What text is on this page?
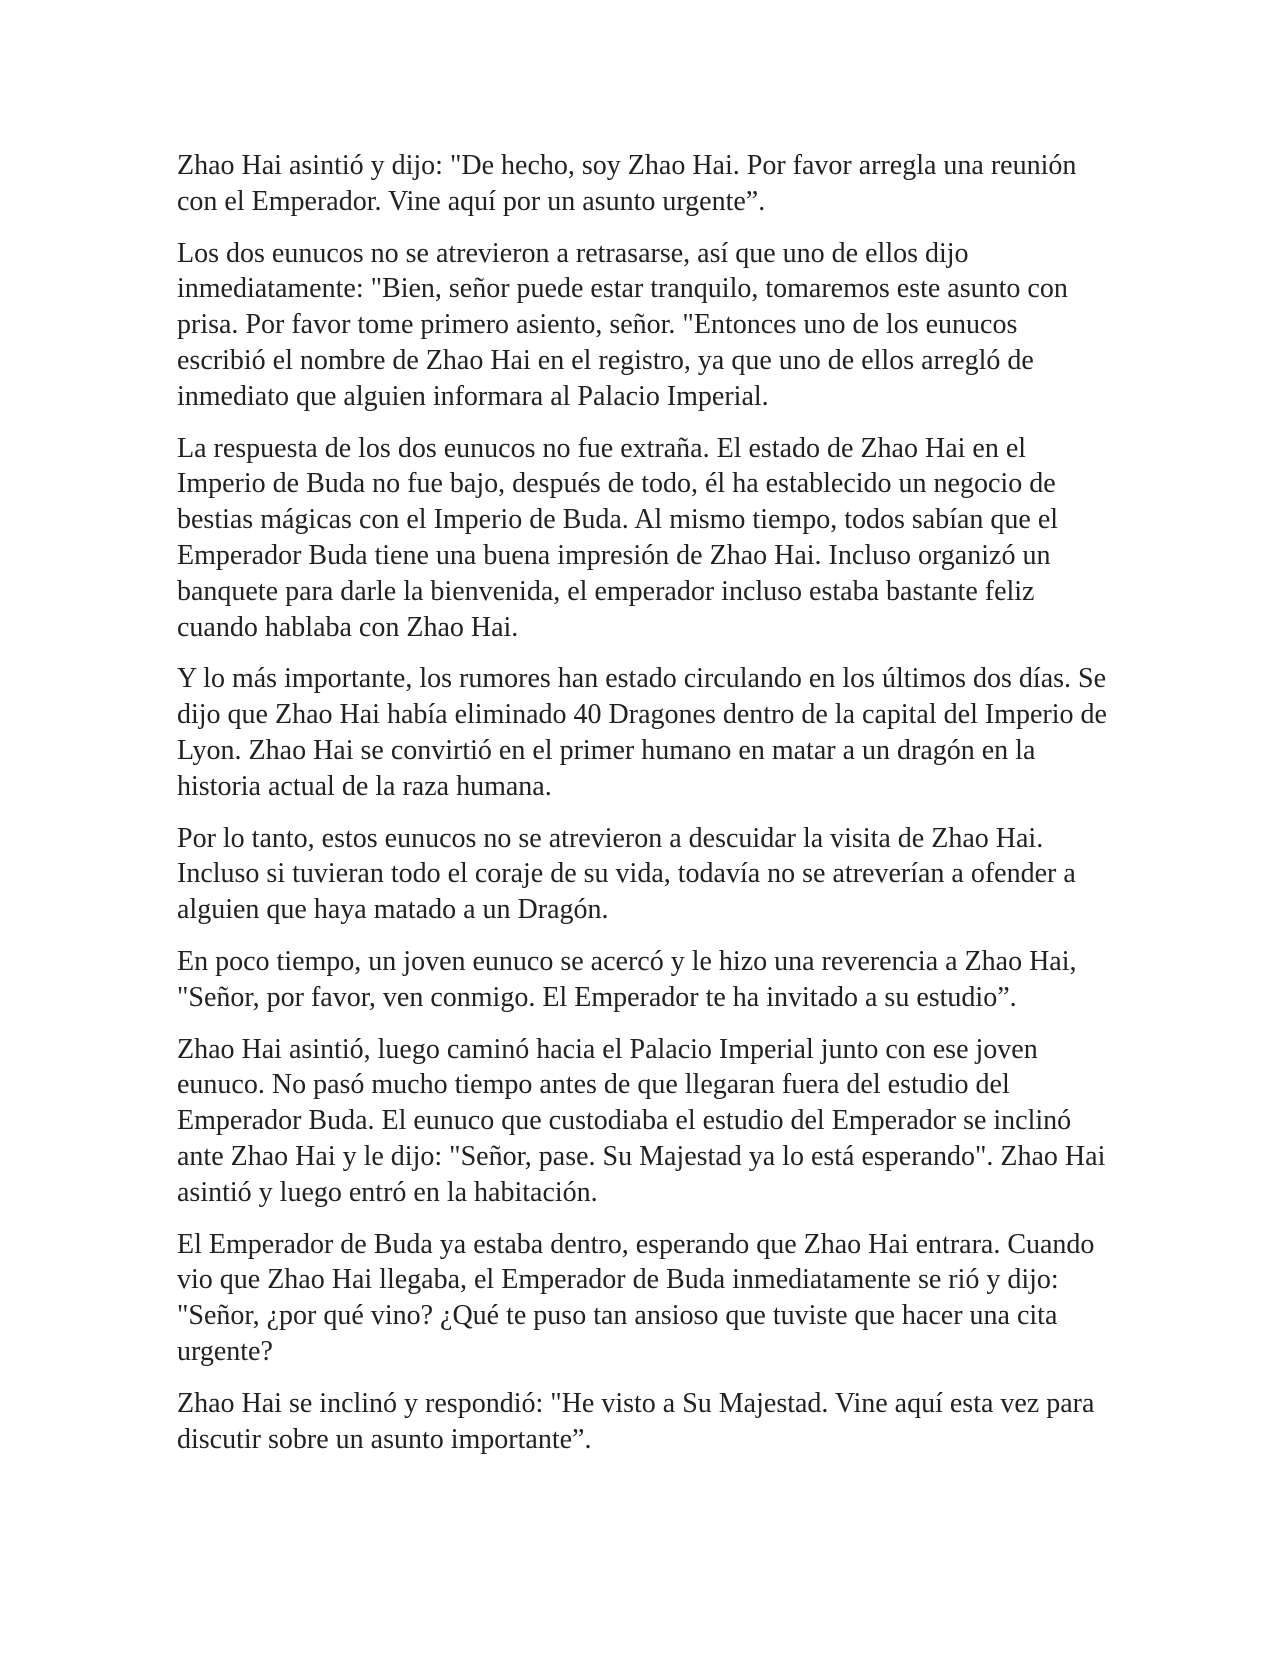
Zhao Hai asintió y dijo: "De hecho, soy Zhao Hai. Por favor arregla una reunión con el Emperador. Vine aquí por un asunto urgente”.

Los dos eunucos no se atrevieron a retrasarse, así que uno de ellos dijo inmediatamente: "Bien, señor puede estar tranquilo, tomaremos este asunto con prisa. Por favor tome primero asiento, señor. "Entonces uno de los eunucos escribió el nombre de Zhao Hai en el registro, ya que uno de ellos arregló de inmediato que alguien informara al Palacio Imperial.

La respuesta de los dos eunucos no fue extraña. El estado de Zhao Hai en el Imperio de Buda no fue bajo, después de todo, él ha establecido un negocio de bestias mágicas con el Imperio de Buda. Al mismo tiempo, todos sabían que el Emperador Buda tiene una buena impresión de Zhao Hai. Incluso organizó un banquete para darle la bienvenida, el emperador incluso estaba bastante feliz cuando hablaba con Zhao Hai.

Y lo más importante, los rumores han estado circulando en los últimos dos días. Se dijo que Zhao Hai había eliminado 40 Dragones dentro de la capital del Imperio de Lyon. Zhao Hai se convirtió en el primer humano en matar a un dragón en la historia actual de la raza humana.

Por lo tanto, estos eunucos no se atrevieron a descuidar la visita de Zhao Hai. Incluso si tuvieran todo el coraje de su vida, todavía no se atreverían a ofender a alguien que haya matado a un Dragón.

En poco tiempo, un joven eunuco se acercó y le hizo una reverencia a Zhao Hai, "Señor, por favor, ven conmigo. El Emperador te ha invitado a su estudio”.

Zhao Hai asintió, luego caminó hacia el Palacio Imperial junto con ese joven eunuco. No pasó mucho tiempo antes de que llegaran fuera del estudio del Emperador Buda. El eunuco que custodiaba el estudio del Emperador se inclinó ante Zhao Hai y le dijo: "Señor, pase. Su Majestad ya lo está esperando". Zhao Hai asintió y luego entró en la habitación.

El Emperador de Buda ya estaba dentro, esperando que Zhao Hai entrara. Cuando vio que Zhao Hai llegaba, el Emperador de Buda inmediatamente se rió y dijo: "Señor, ¿por qué vino? ¿Qué te puso tan ansioso que tuviste que hacer una cita urgente?

Zhao Hai se inclinó y respondió: "He visto a Su Majestad. Vine aquí esta vez para discutir sobre un asunto importante”.
